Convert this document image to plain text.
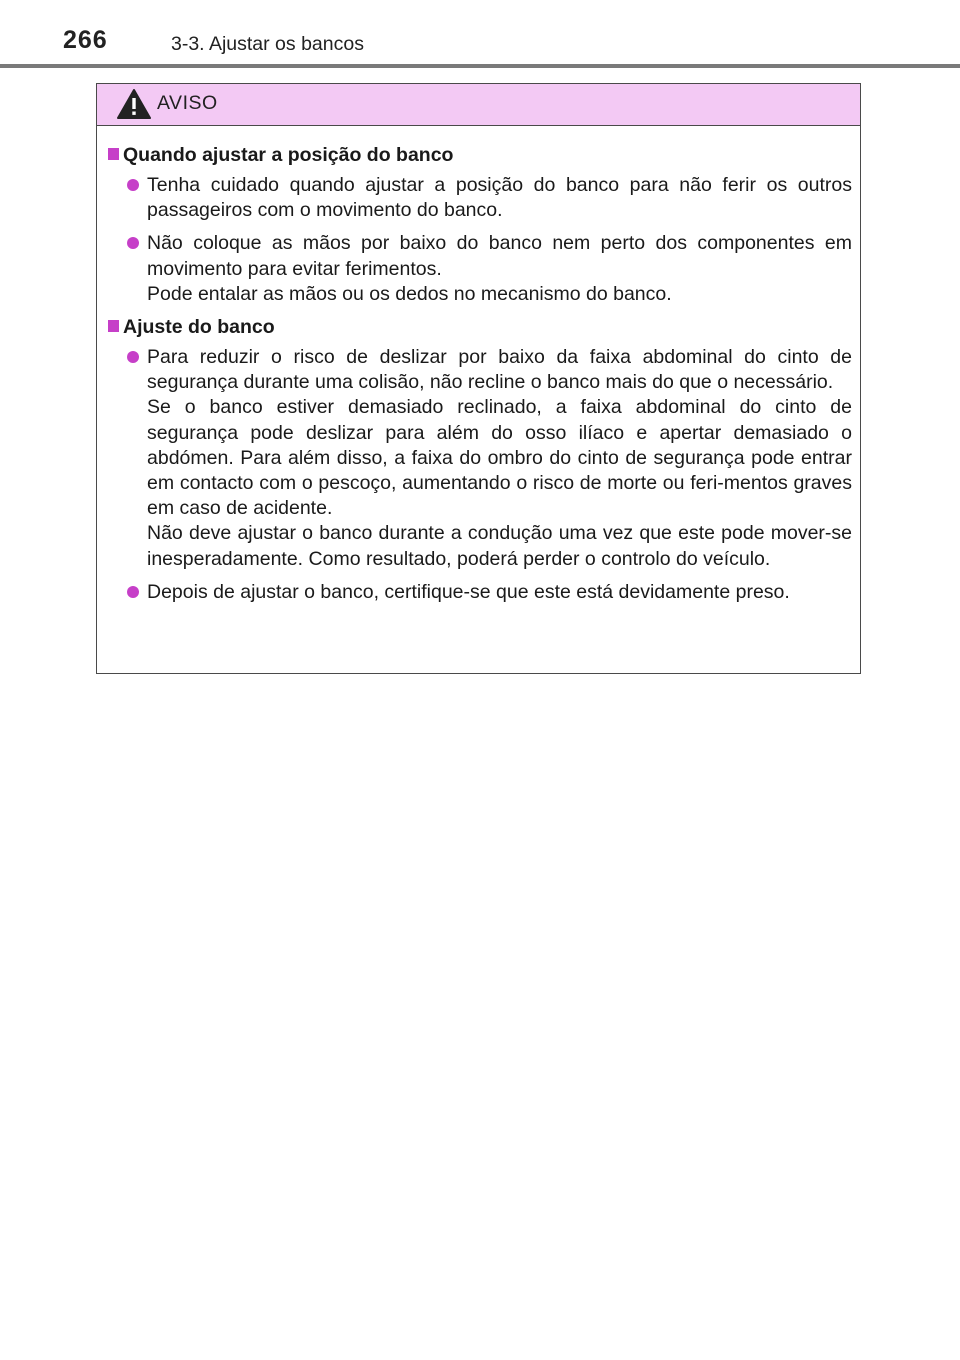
266	3-3. Ajustar os bancos
AVISO
Quando ajustar a posição do banco

Tenha cuidado quando ajustar a posição do banco para não ferir os outros passageiros com o movimento do banco.

Não coloque as mãos por baixo do banco nem perto dos componentes em movimento para evitar ferimentos.

Pode entalar as mãos ou os dedos no mecanismo do banco.

Ajuste do banco

Para reduzir o risco de deslizar por baixo da faixa abdominal do cinto de segurança durante uma colisão, não recline o banco mais do que o necessário.

Se o banco estiver demasiado reclinado, a faixa abdominal do cinto de segurança pode deslizar para além do osso ilíaco e apertar demasiado o abdómen. Para além disso, a faixa do ombro do cinto de segurança pode entrar em contacto com o pescoço, aumentando o risco de morte ou feri-mentos graves em caso de acidente.

Não deve ajustar o banco durante a condução uma vez que este pode mover-se inesperadamente. Como resultado, poderá perder o controlo do veículo.

Depois de ajustar o banco, certifique-se que este está devidamente preso.
